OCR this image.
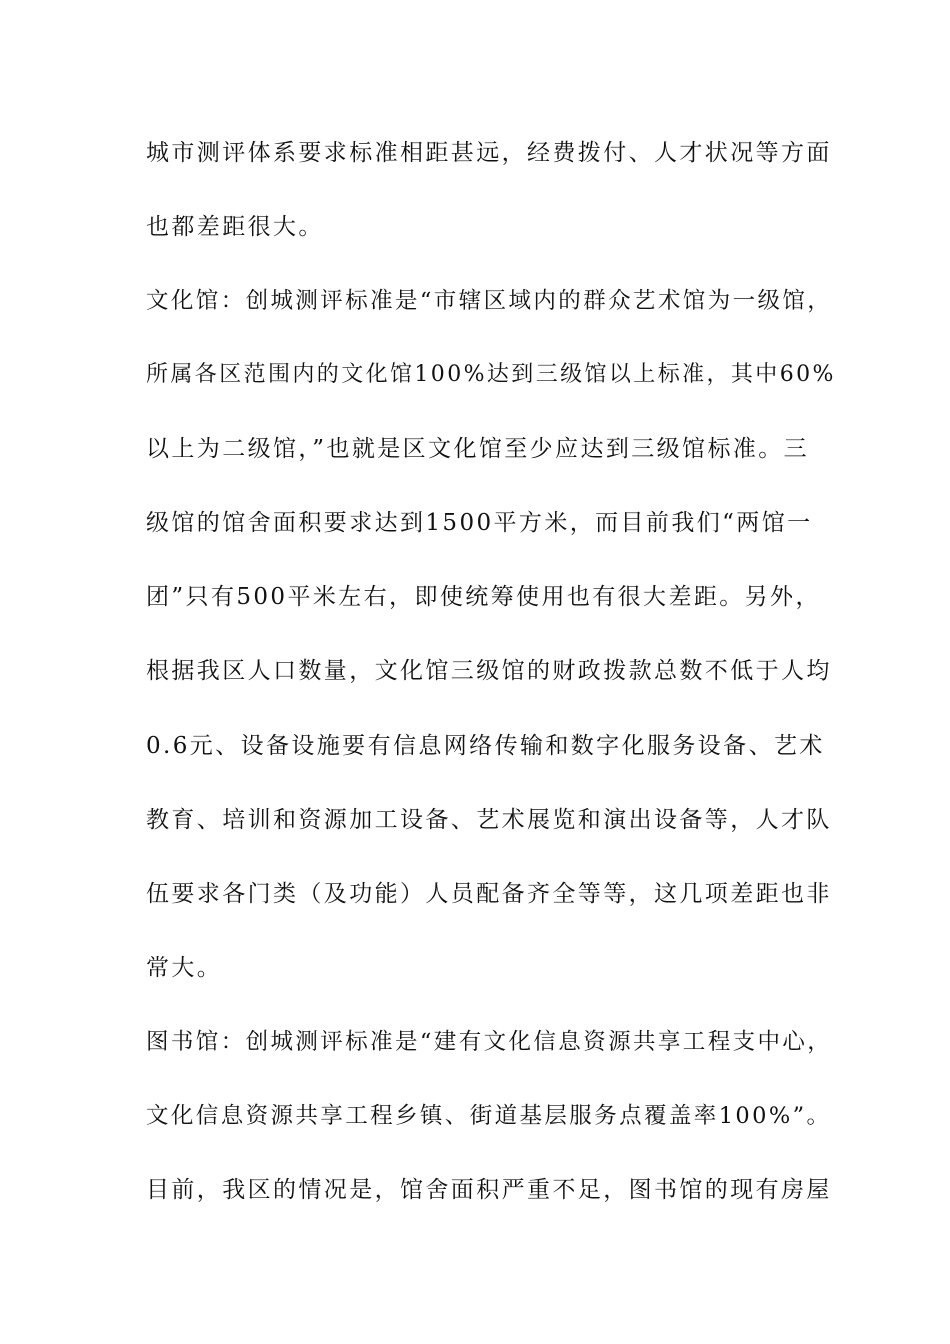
城市测评体系要求标准相距甚远，经费拨付、人才状况等方面
也都差距很大。
文化馆：创城测评标准是“市辖区域内的群众艺术馆为一级馆，
所属各区范围内的文化馆100%达到三级馆以上标准，其中60%
以上为二级馆，”也就是区文化馆至少应达到三级馆标准。三
级馆的馆舍面积要求达到1500平方米，而目前我们“两馆一
团”只有500平米左右，即使统筹使用也有很大差距。另外，
根据我区人口数量，文化馆三级馆的财政拨款总数不低于人均
0.6元、设备设施要有信息网络传输和数字化服务设备、艺术
教育、培训和资源加工设备、艺术展览和演出设备等，人才队
伍要求各门类（及功能）人员配备齐全等等，这几项差距也非
常大。
图书馆：创城测评标准是“建有文化信息资源共享工程支中心，
文化信息资源共享工程乡镇、街道基层服务点覆盖率100%”。
目前，我区的情况是，馆舍面积严重不足，图书馆的现有房屋
